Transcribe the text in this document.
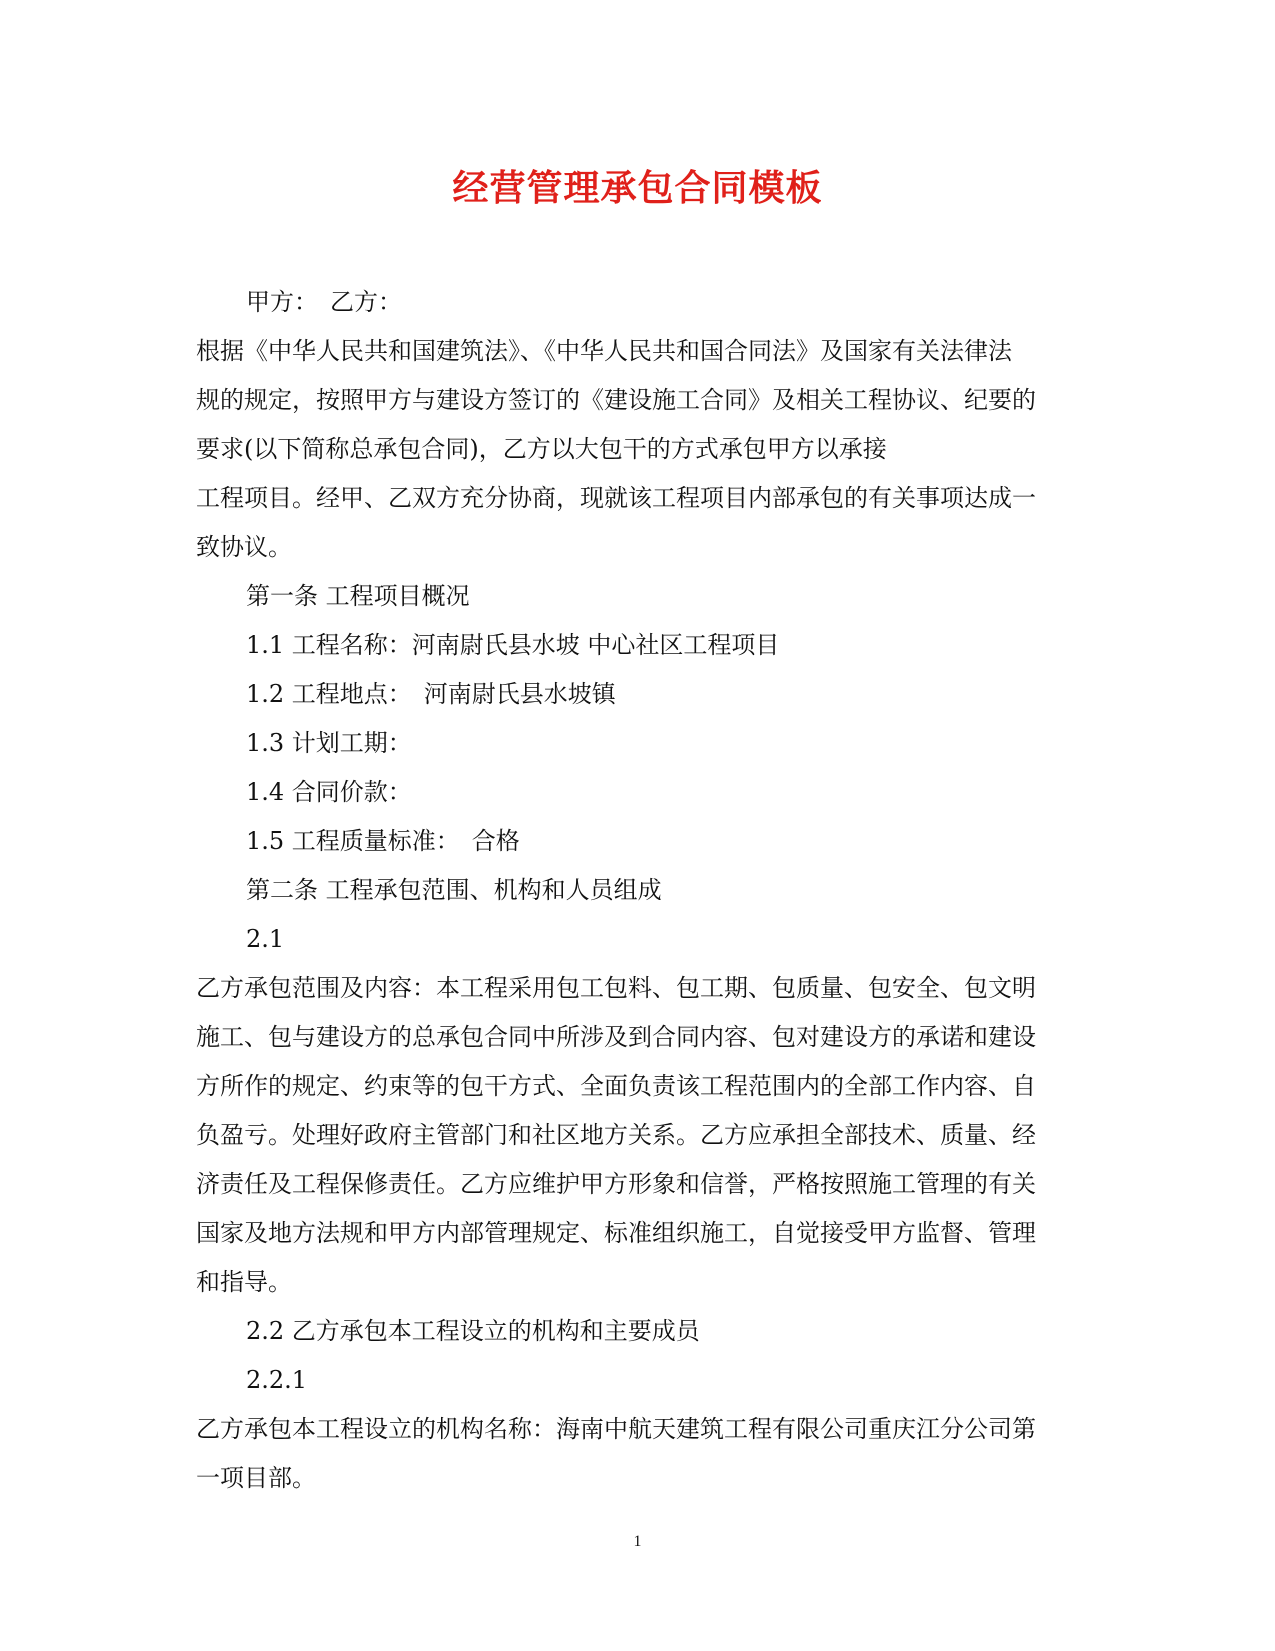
经营管理承包合同模板

甲方：　乙方：

根据《中华人民共和国建筑法》、《中华人民共和国合同法》及国家有关法律法
规的规定，按照甲方与建设方签订的《建设施工合同》及相关工程协议、纪要的
要求(以下简称总承包合同)，乙方以大包干的方式承包甲方以承接

工程项目。经甲、乙双方充分协商，现就该工程项目内部承包的有关事项达成一
致协议。

第一条 工程项目概况

1.1 工程名称：河南尉氏县水坡 中心社区工程项目

1.2 工程地点：　河南尉氏县水坡镇

1.3 计划工期：

1.4 合同价款：

1.5 工程质量标准：　合格

第二条 工程承包范围、机构和人员组成

2.1

乙方承包范围及内容：本工程采用包工包料、包工期、包质量、包安全、包文明
施工、包与建设方的总承包合同中所涉及到合同内容、包对建设方的承诺和建设
方所作的规定、约束等的包干方式、全面负责该工程范围内的全部工作内容、自
负盈亏。处理好政府主管部门和社区地方关系。乙方应承担全部技术、质量、经
济责任及工程保修责任。乙方应维护甲方形象和信誉，严格按照施工管理的有关
国家及地方法规和甲方内部管理规定、标准组织施工，自觉接受甲方监督、管理
和指导。

2.2 乙方承包本工程设立的机构和主要成员

2.2.1

乙方承包本工程设立的机构名称：海南中航天建筑工程有限公司重庆江分公司第
一项目部。

1
